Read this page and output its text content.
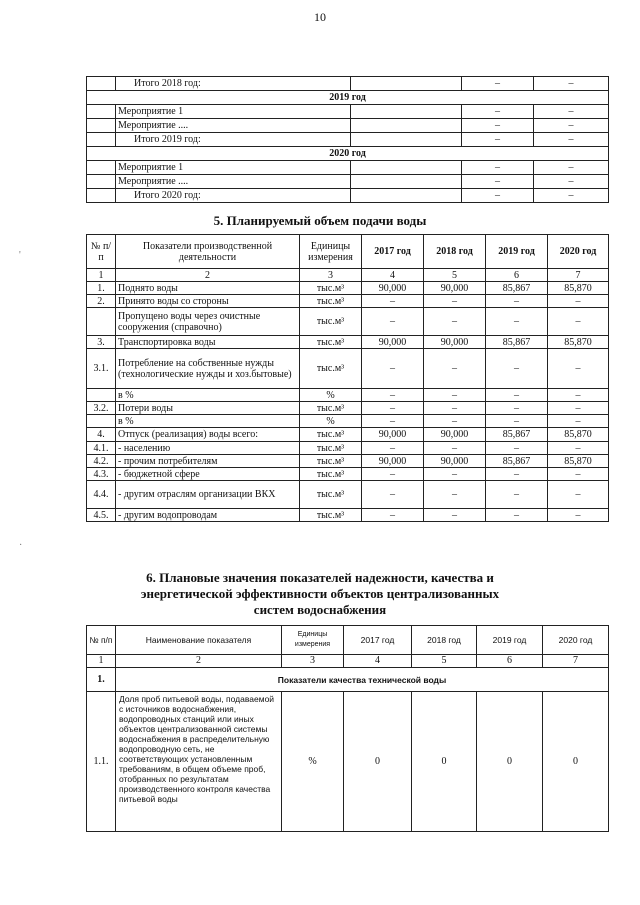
10
'
·
	Итого 2018 год:		–	–
2019 год				
	Мероприятие 1		–	–
	Мероприятие ....		–	–
	Итого 2019 год:		–	–
2020 год				
	Мероприятие 1		–	–
	Мероприятие ....		–	–
	Итого 2020 год:		–	–
5. Планируемый объем подачи воды
№ п/п	Показатели производственной деятельности	Единицы измерения	2017 год	2018 год	2019 год	2020 год
1	2	3	4	5	6	7
1.	Поднято воды	тыс.м³	90,000	90,000	85,867	85,870
2.	Принято воды со стороны	тыс.м³	–	–	–	–
	Пропущено воды через очистные сооружения (справочно)	тыс.м³	–	–	–	–
3.	Транспортировка воды	тыс.м³	90,000	90,000	85,867	85,870
3.1.	Потребление на собственные нужды (технологические нужды и хоз.бытовые)	тыс.м³	–	–	–	–
	в %	%	–	–	–	–
3.2.	Потери воды	тыс.м³	–	–	–	–
	в %	%	–	–	–	–
4.	Отпуск (реализация) воды всего:	тыс.м³	90,000	90,000	85,867	85,870
4.1.	- населению	тыс.м³	–	–	–	–
4.2.	- прочим потребителям	тыс.м³	90,000	90,000	85,867	85,870
4.3.	- бюджетной сфере	тыс.м³	–	–	–	–
4.4.	- другим отраслям организации ВКХ	тыс.м³	–	–	–	–
4.5.	- другим водопроводам	тыс.м³	–	–	–	–
6. Плановые значения показателей надежности, качества и энергетической эффективности объектов централизованных систем водоснабжения
№ п/п	Наименование показателя	Единицы измерения	2017 год	2018 год	2019 год	2020 год
1	2	3	4	5	6	7
1.	Показатели качества технической воды					
1.1.	Доля проб питьевой воды, подаваемой с источников водоснабжения, водопроводных станций или иных объектов централизованной системы водоснабжения в распределительную водопроводную сеть, не соответствующих установленным требованиям, в общем объеме проб, отобранных по результатам производственного контроля качества питьевой воды	%	0	0	0	0
